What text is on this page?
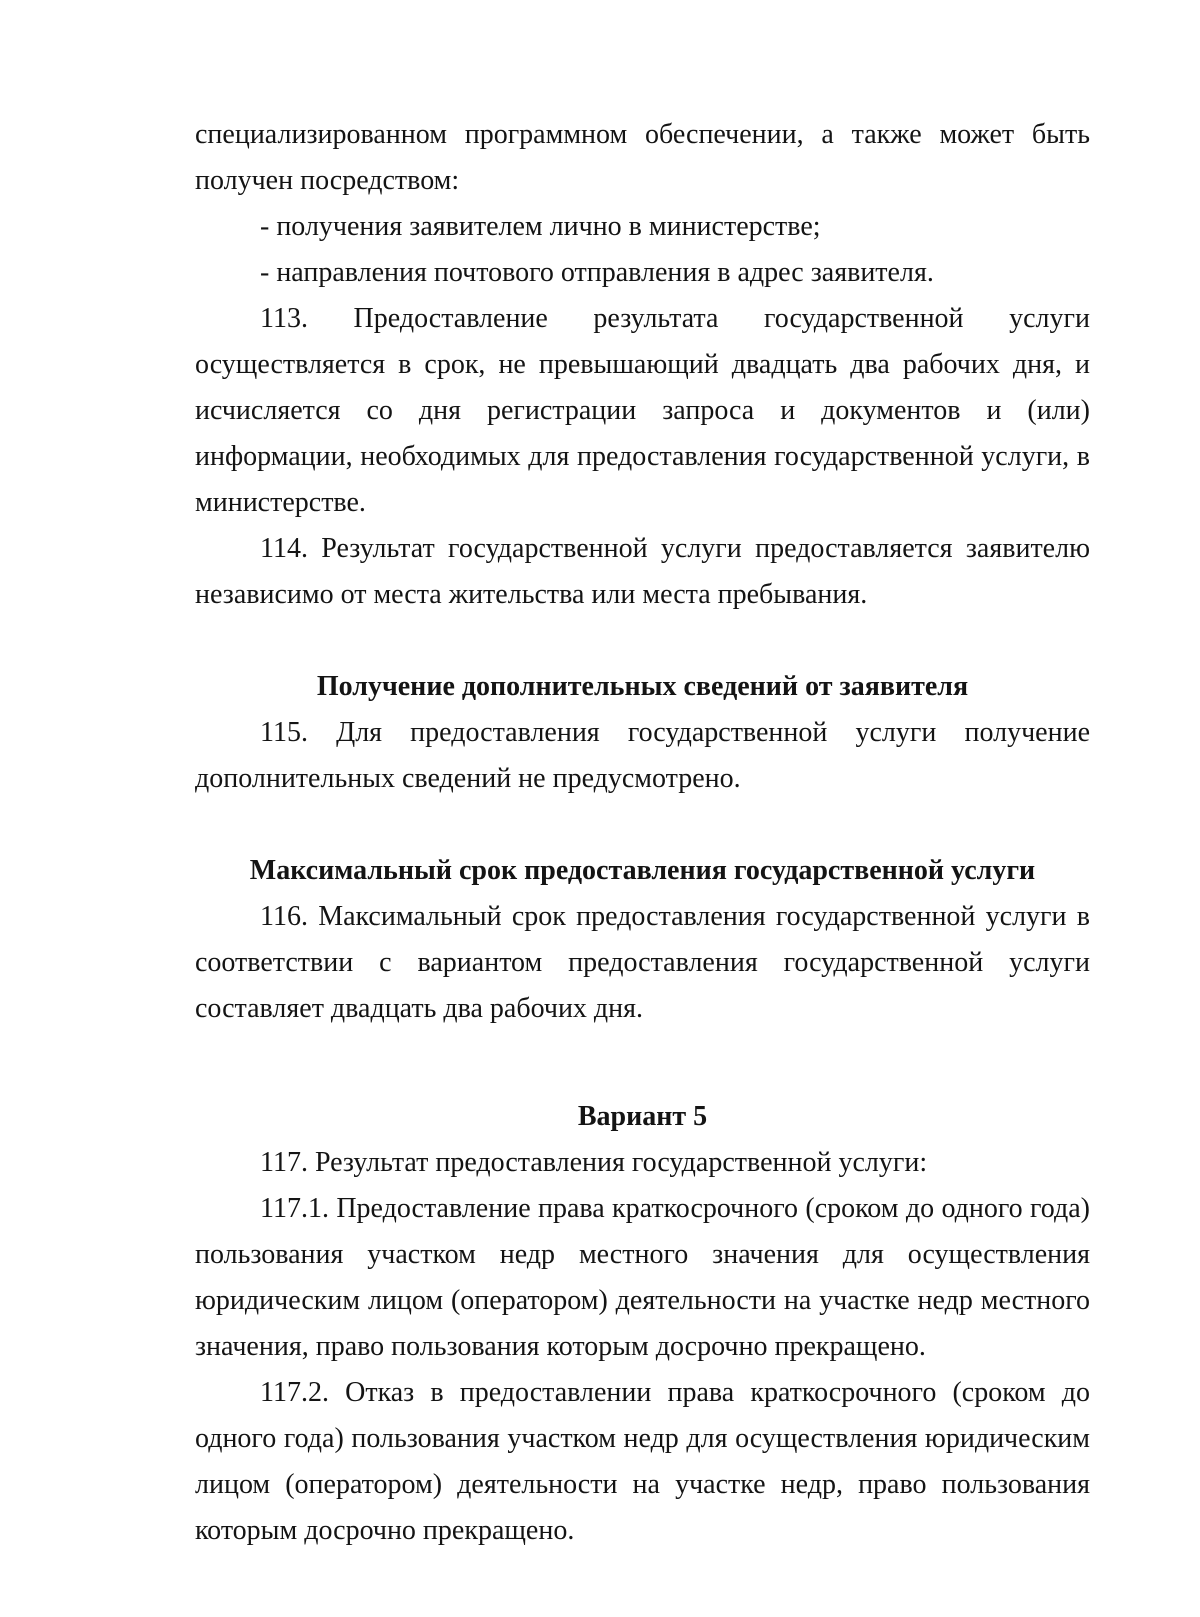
специализированном программном обеспечении, а также может быть получен посредством:

- получения заявителем лично в министерстве;

- направления почтового отправления в адрес заявителя.

113. Предоставление результата государственной услуги осуществляется в срок, не превышающий двадцать два рабочих дня, и исчисляется со дня регистрации запроса и документов и (или) информации, необходимых для предоставления государственной услуги, в министерстве.

114. Результат государственной услуги предоставляется заявителю независимо от места жительства или места пребывания.

Получение дополнительных сведений от заявителя

115. Для предоставления государственной услуги получение дополнительных сведений не предусмотрено.

Максимальный срок предоставления государственной услуги

116. Максимальный срок предоставления государственной услуги в соответствии с вариантом предоставления государственной услуги составляет двадцать два рабочих дня.

Вариант 5

117. Результат предоставления государственной услуги:

117.1. Предоставление права краткосрочного (сроком до одного года) пользования участком недр местного значения для осуществления юридическим лицом (оператором) деятельности на участке недр местного значения, право пользования которым досрочно прекращено.

117.2. Отказ в предоставлении права краткосрочного (сроком до одного года) пользования участком недр для осуществления юридическим лицом (оператором) деятельности на участке недр, право пользования которым досрочно прекращено.
